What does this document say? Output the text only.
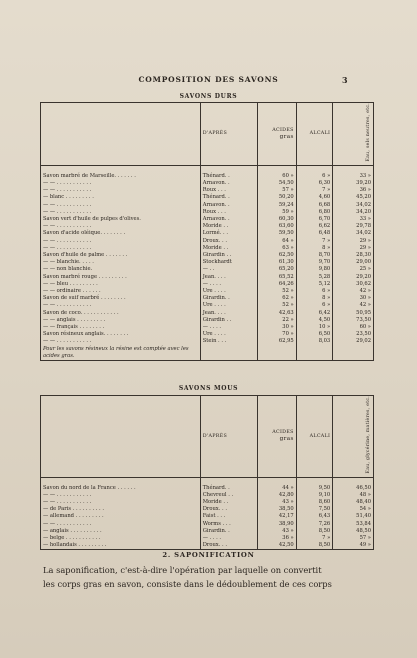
COMPOSITION DES SAVONS	3
SAVONS DURS
	D'APRÈS	ACIDES
gras	ALCALI	Eau, sels neutres, etc.

Savon marbré de Marseille. . . . . . .	Thénard. .	60 »	6 »	33 »
— — . . . . . . . . . . .	Arnavon. .	54,50	6,30	39,20
— — . . . . . . . . . . .	Roux . . .	57 »	7 »	36 »
— blanc . . . . . . . . .	Thénard. .	50,20	4,60	45,20
— — . . . . . . . . . . .	Arnavon. .	59,24	6,68	34,02
— — . . . . . . . . . . .	Roux . . .	59 »	6,80	34,20
Savon vert d'huile de pulpes d'olives.	Arnavon. .	60,30	6,70	33 »
— — . . . . . . . . . . .	Moride . .	63,60	6,62	29,78
Savon d'acide oléique. . . . . . . .	Lormé. . .	59,50	6,48	34,02
— — . . . . . . . . . . .	Droux. . .	64 »	7 »	29 »
— — . . . . . . . . . . .	Moride . .	63 »	8 »	29 »
Savon d'huile de palme . . . . . . .	Girardin . .	62,50	8,70	28,30
— — blanchie. . . . .	Stockhardt	61,30	9,70	29,00
— — non blanchie.	— . .	65,20	9,80	25 »
Savon marbré rouge . . . . . . . . .	Jean. . . .	65,52	5,28	29,20
— — bleu . . . . . . . . .	— . . . .	64,26	5,12	30,62
— — ordinaire . . . . . .	Ure . . . .	52 »	6 »	42 »
Savon de suif marbré . . . . . . . .	Girardin. .	62 »	8 »	30 »
— — . . . . . . . . . . .	Ure . . . .	52 »	6 »	42 »
Savon de coco. . . . . . . . . . . .	Jean. . . .	42,63	6,42	50,95
— — anglais . . . . . . . . .	Girardin . .	22 »	4,50	73,50
— — français . . . . . . . .	— . . . .	30 »	10 »	60 »
Savon résineux anglais. . . . . . . .	Ure . . . .	70 »	6,50	23,50
— — . . . . . . . . . . .	Stein . . .	62,95	8,03	29,02
Pour les savons résineux la résine est comptée avec les acides gras.				
SAVONS MOUS
	D'APRÈS	ACIDES
gras	ALCALI	Eau, glycérine, matières, etc.

Savon du nord de la France . . . . . .	Thénard. .	44 »	9,50	46,50
— — . . . . . . . . . . .	Chevreul . .	42,80	9,10	48 »
— — . . . . . . . . . . .	Moride . .	43 »	8,60	48,40
— de Paris . . . . . . . . . .	Droux. . .	38,50	7,50	54 »
— allemand . . . . . . . . .	Faist . . .	42,17	6,43	51,40
— — . . . . . . . . . . .	Worms . . .	38,90	7,26	53,84
— anglais . . . . . . . . . .	Girardin. .	43 »	8,50	48,50
— belge . . . . . . . . . . .	— . . . .	36 »	7 »	57 »
— hollandais . . . . . . . . .	Droux. . .	42,50	8,50	49 »
2. SAPONIFICATION
La saponification, c'est-à-dire l'opération par laquelle on convertit
les corps gras en savon, consiste dans le dédoublement de ces corps
